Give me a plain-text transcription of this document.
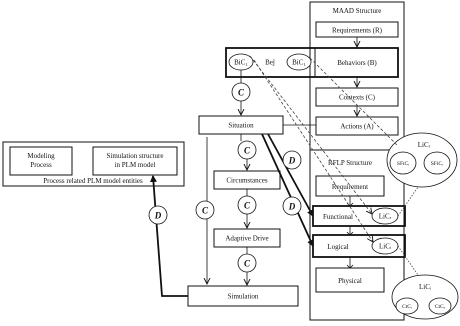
MAAD Structure
Requirements (R)
Behaviors (B)
BiC₁ Beĵ BiC₁
Contexts (C)
Actions (A)
RFLP Structure
Requirement
Functional	LiCᵣ
Logical	LiCᵢ
Physical
LiCᵣ
SFiCᵢ	SFiCᵣ
LiCᵢ
CtCᵢ	CtCₑ
C
Situation
C
Circumstances
C
Adaptive Drive
C
Simulation
C
Modeling
Process
Simulation structure
in PLM model
Process related PLM model entities
D
D
D
